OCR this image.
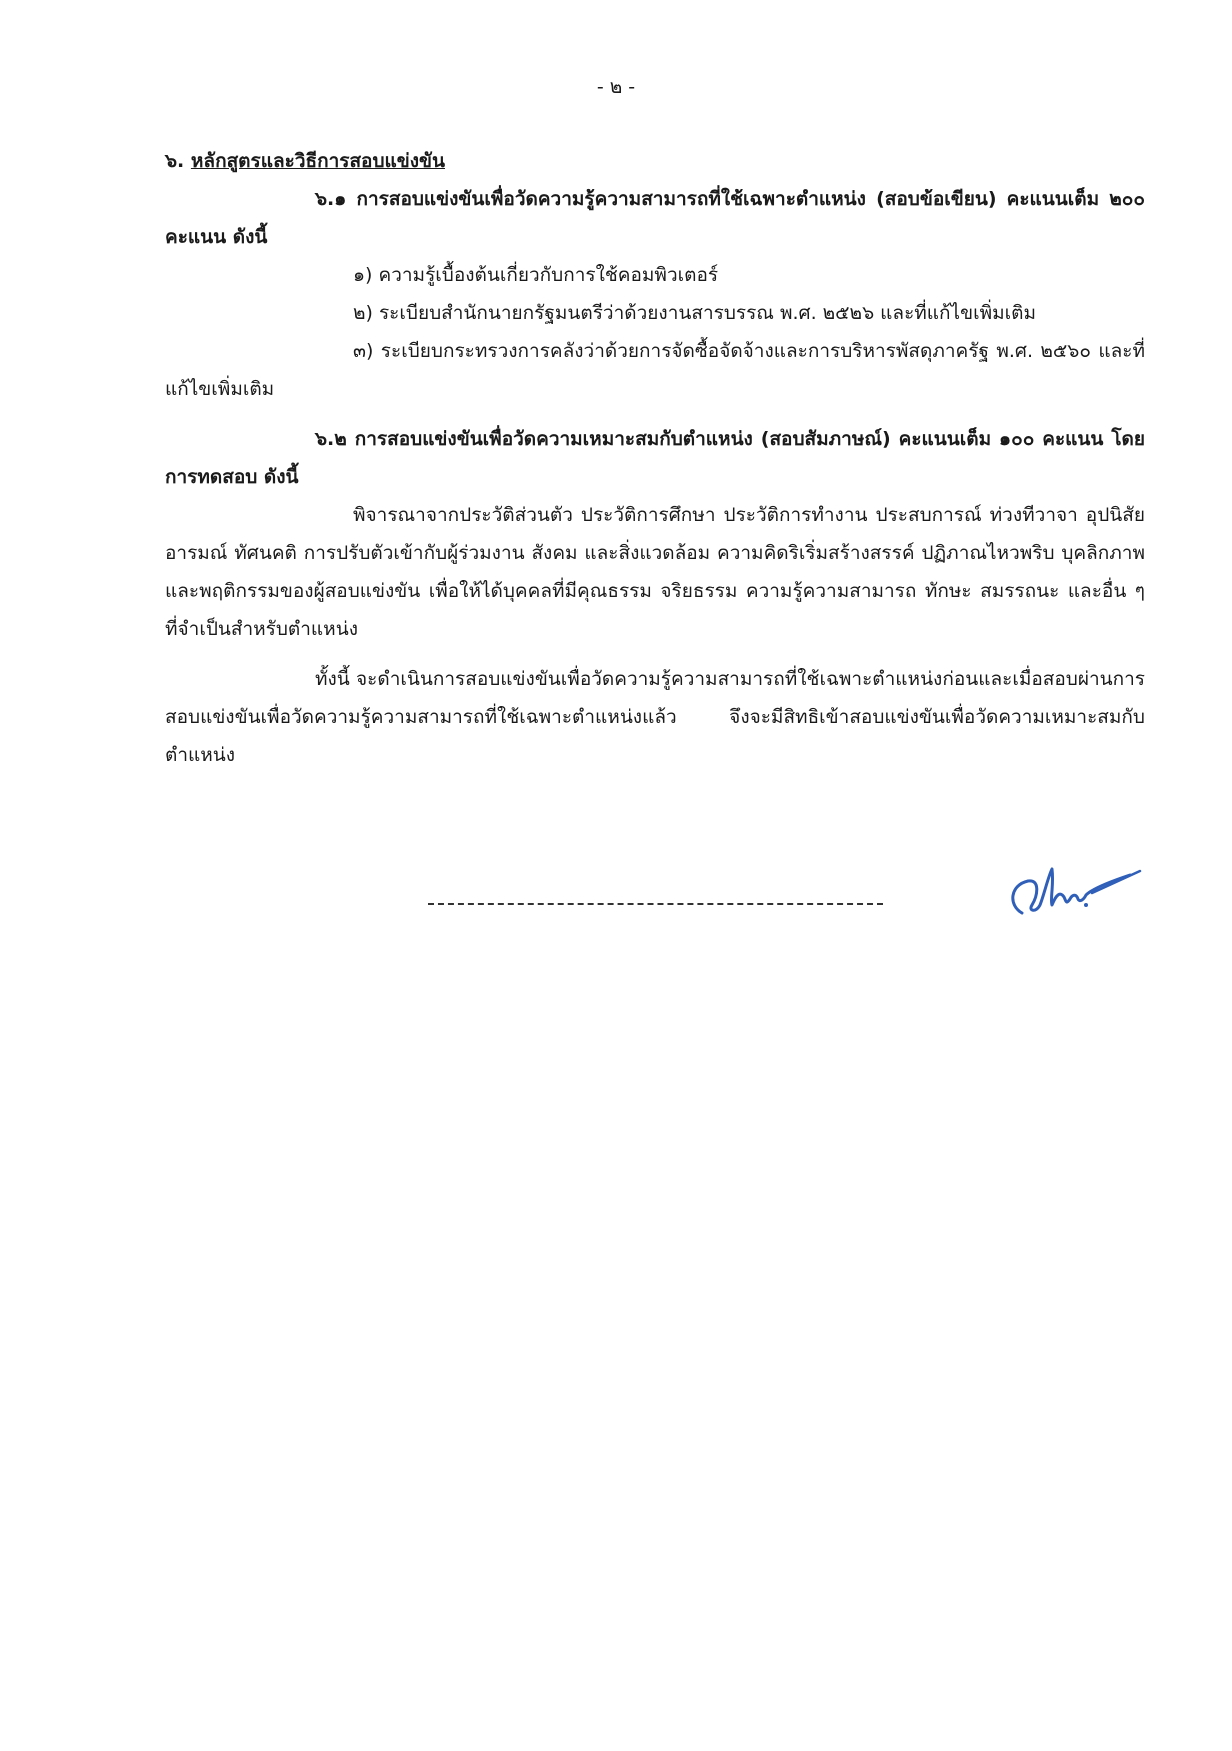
- ๒ -

๖. หลักสูตรและวิธีการสอบแข่งขัน

๖.๑ การสอบแข่งขันเพื่อวัดความรู้ความสามารถที่ใช้เฉพาะตำแหน่ง (สอบข้อเขียน) คะแนนเต็ม ๒๐๐ คะแนน ดังนี้

๑) ความรู้เบื้องต้นเกี่ยวกับการใช้คอมพิวเตอร์

๒) ระเบียบสำนักนายกรัฐมนตรีว่าด้วยงานสารบรรณ พ.ศ. ๒๕๒๖ และที่แก้ไขเพิ่มเติม

๓) ระเบียบกระทรวงการคลังว่าด้วยการจัดซื้อจัดจ้างและการบริหารพัสดุภาครัฐ พ.ศ. ๒๕๖๐ และที่แก้ไขเพิ่มเติม

๖.๒ การสอบแข่งขันเพื่อวัดความเหมาะสมกับตำแหน่ง (สอบสัมภาษณ์) คะแนนเต็ม ๑๐๐ คะแนน โดยการทดสอบ ดังนี้

พิจารณาจากประวัติส่วนตัว ประวัติการศึกษา ประวัติการทำงาน ประสบการณ์ ท่วงทีวาจา อุปนิสัย อารมณ์ ทัศนคติ การปรับตัวเข้ากับผู้ร่วมงาน สังคม และสิ่งแวดล้อม ความคิดริเริ่มสร้างสรรค์ ปฏิภาณไหวพริบ บุคลิกภาพและพฤติกรรมของผู้สอบแข่งขัน เพื่อให้ได้บุคคลที่มีคุณธรรม จริยธรรม ความรู้ความสามารถ ทักษะ สมรรถนะ และอื่น ๆ ที่จำเป็นสำหรับตำแหน่ง

ทั้งนี้ จะดำเนินการสอบแข่งขันเพื่อวัดความรู้ความสามารถที่ใช้เฉพาะตำแหน่งก่อนและเมื่อสอบผ่านการสอบแข่งขันเพื่อวัดความรู้ความสามารถที่ใช้เฉพาะตำแหน่งแล้ว จึงจะมีสิทธิเข้าสอบแข่งขันเพื่อวัดความเหมาะสมกับตำแหน่ง
